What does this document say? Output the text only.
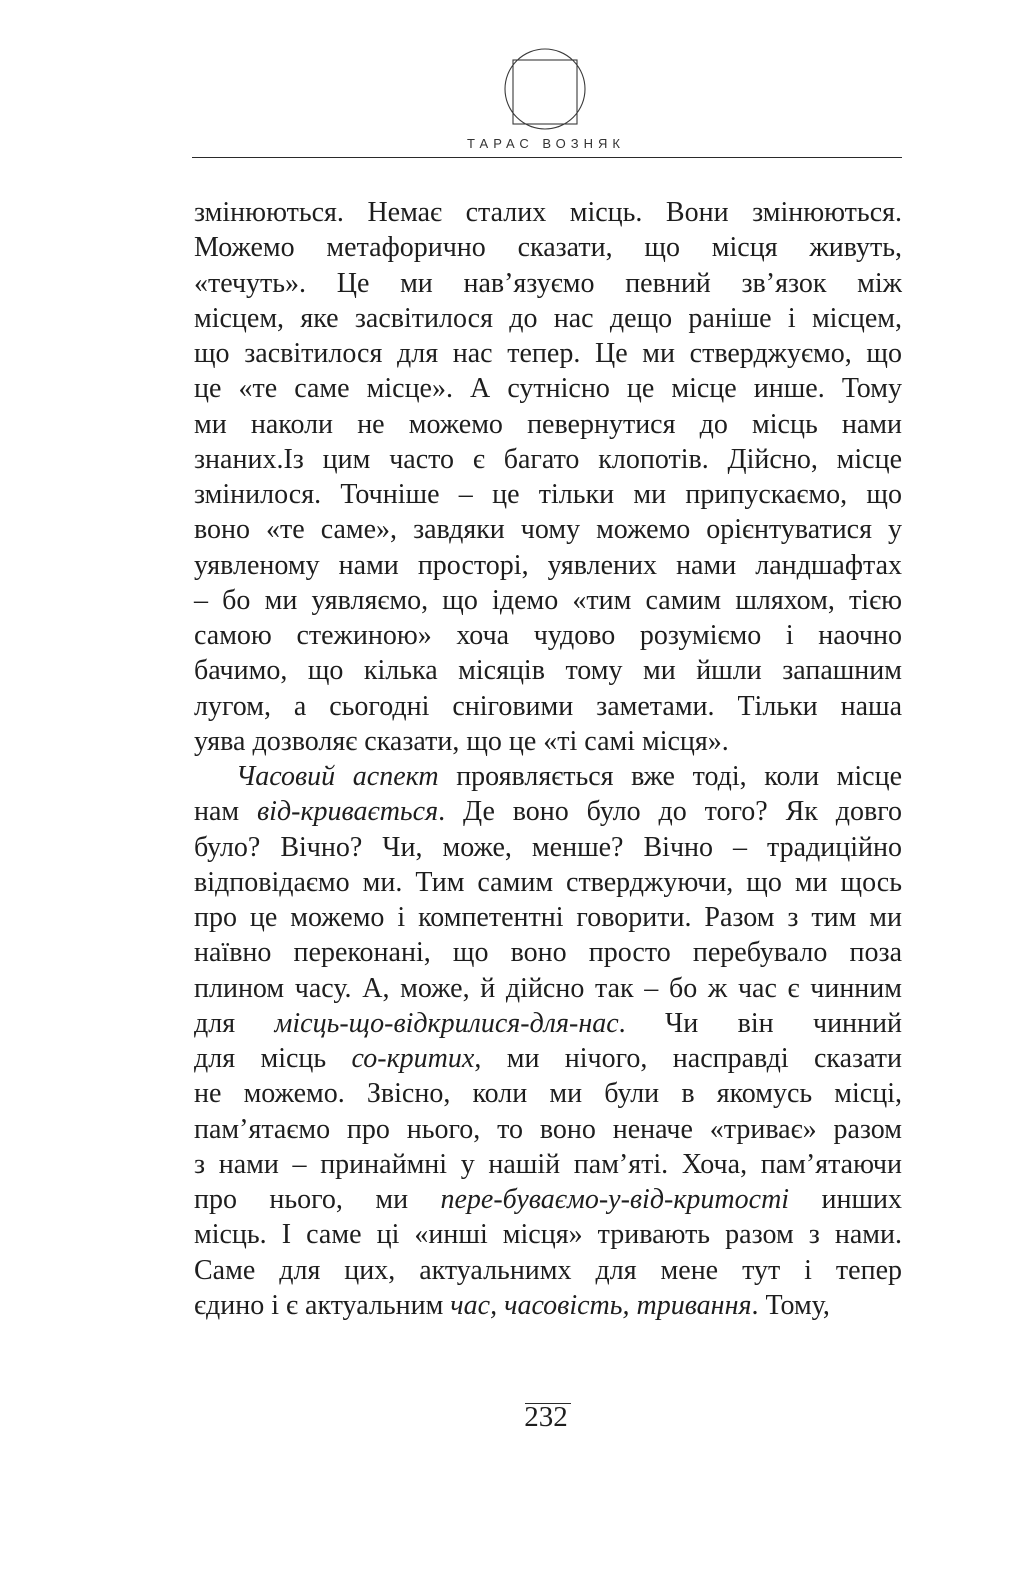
ТАРАС ВОЗНЯК
змінюються. Немає сталих місць. Вони змінюються.
Можемо метафорично сказати, що місця живуть,
«течуть». Це ми нав’язуємо певний зв’язок між
місцем, яке засвітилося до нас дещо раніше і місцем,
що засвітилося для нас тепер. Це ми стверджуємо, що
це «те саме місце». А сутнісно це місце инше. Тому
ми наколи не можемо певернутися до місць нами
знаних.Із цим часто є багато клопотів. Дійсно, місце
змінилося. Точніше – це тільки ми припускаємо, що
воно «те саме», завдяки чому можемо орієнтуватися у
уявленому нами просторі, уявлених нами ландшафтах
– бо ми уявляємо, що ідемо «тим самим шляхом, тією
самою стежиною» хоча чудово розуміємо і наочно
бачимо, що кілька місяців тому ми йшли запашним
лугом, а сьогодні сніговими заметами. Тільки наша
уява дозволяє сказати, що це «ті самі місця».
Часовий аспект проявляється вже тоді, коли місце
нам від-кривається. Де воно було до того? Як довго
було? Вічно? Чи, може, менше? Вічно – традиційно
відповідаємо ми. Тим самим стверджуючи, що ми щось
про це можемо і компетентні говорити. Разом з тим ми
наївно переконані, що воно просто перебувало поза
плином часу. А, може, й дійсно так – бо ж час є чинним
для місць-що-відкрилися-для-нас. Чи він чинний
для місць со-критих, ми нічого, насправді сказати
не можемо. Звісно, коли ми були в якомусь місці,
пам’ятаємо про нього, то воно неначе «триває» разом
з нами – принаймні у нашій пам’яті. Хоча, пам’ятаючи
про нього, ми пере-буваємо-у-від-критості инших
місць. І саме ці «инші місця» тривають разом з нами.
Саме для цих, актуальнимх для мене тут і тепер
єдино і є актуальним час, часовість, тривання. Тому,
232
